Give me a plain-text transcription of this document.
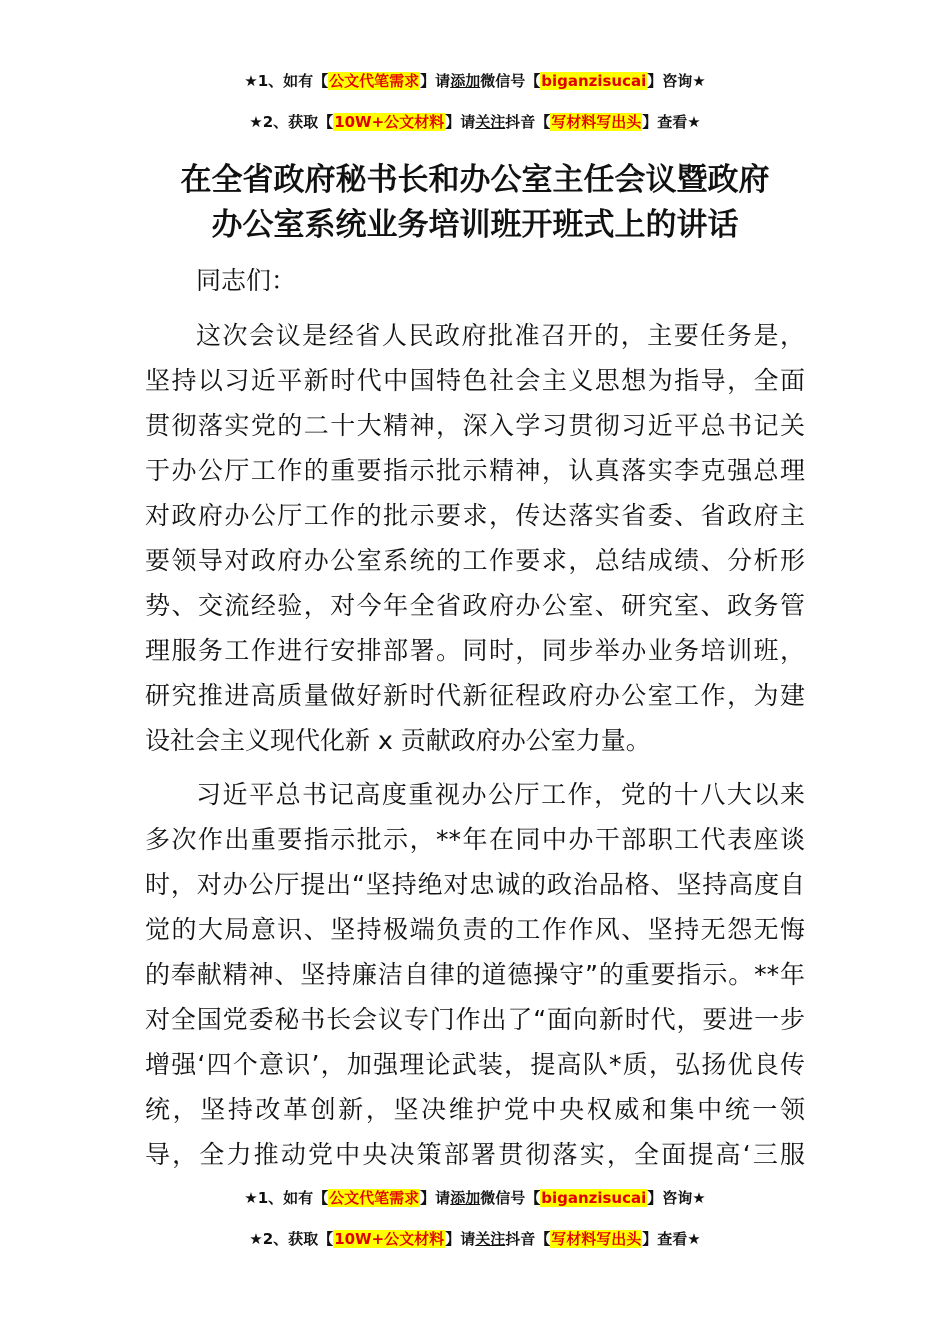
★1、如有【公文代笔需求】请添加微信号【biganzisucai】咨询★
★2、获取【10W+公文材料】请关注抖音【写材料写出头】查看★
在全省政府秘书长和办公室主任会议暨政府
办公室系统业务培训班开班式上的讲话
同志们：
这次会议是经省人民政府批准召开的，主要任务是，
坚持以习近平新时代中国特色社会主义思想为指导，全面
贯彻落实党的二十大精神，深入学习贯彻习近平总书记关
于办公厅工作的重要指示批示精神，认真落实李克强总理
对政府办公厅工作的批示要求，传达落实省委、省政府主
要领导对政府办公室系统的工作要求，总结成绩、分析形
势、交流经验，对今年全省政府办公室、研究室、政务管
理服务工作进行安排部署。同时，同步举办业务培训班，
研究推进高质量做好新时代新征程政府办公室工作，为建
设社会主义现代化新 x 贡献政府办公室力量。
习近平总书记高度重视办公厅工作，党的十八大以来
多次作出重要指示批示，**年在同中办干部职工代表座谈
时，对办公厅提出“坚持绝对忠诚的政治品格、坚持高度自
觉的大局意识、坚持极端负责的工作作风、坚持无怨无悔
的奉献精神、坚持廉洁自律的道德操守”的重要指示。**年
对全国党委秘书长会议专门作出了“面向新时代，要进一步
增强‘四个意识’，加强理论武装，提高队*质，弘扬优良传
统，坚持改革创新，坚决维护党中央权威和集中统一领
导，全力推动党中央决策部署贯彻落实，全面提高‘三服
★1、如有【公文代笔需求】请添加微信号【biganzisucai】咨询★
★2、获取【10W+公文材料】请关注抖音【写材料写出头】查看★
